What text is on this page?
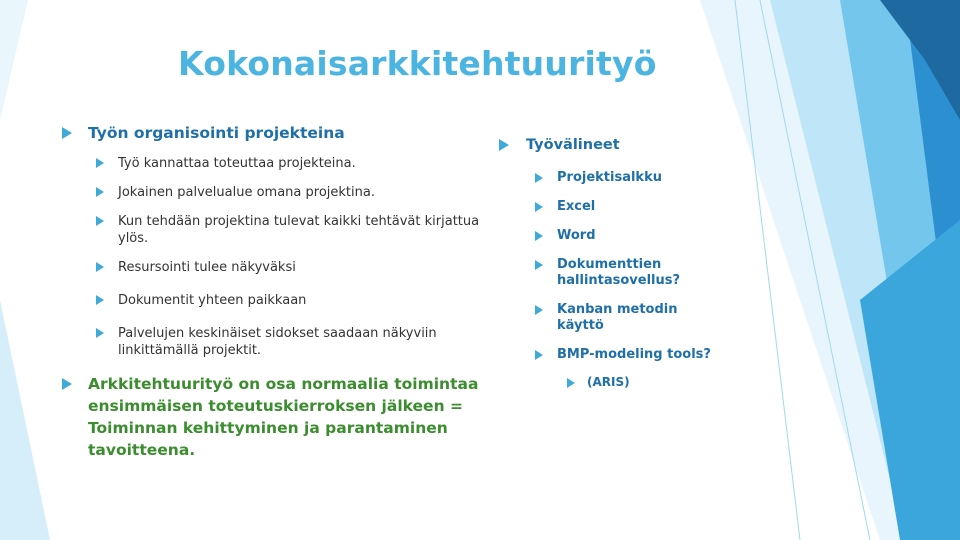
Kokonaisarkkitehtuurityö
Työn organisointi projekteina
Työ kannattaa toteuttaa projekteina.
Jokainen palvelualue omana projektina.
Kun tehdään projektina tulevat kaikki tehtävät kirjattua ylös.
Resursointi tulee näkyväksi
Dokumentit yhteen paikkaan
Palvelujen keskinäiset sidokset saadaan näkyviin linkittämällä projektit.
Arkkitehtuurityö on osa normaalia toimintaa ensimmäisen toteutuskierroksen jälkeen = Toiminnan kehittyminen ja parantaminen tavoitteena.
Työvälineet
Projektisalkku
Excel
Word
Dokumenttien hallintasovellus?
Kanban metodin käyttö
BMP-modeling tools?
(ARIS)
